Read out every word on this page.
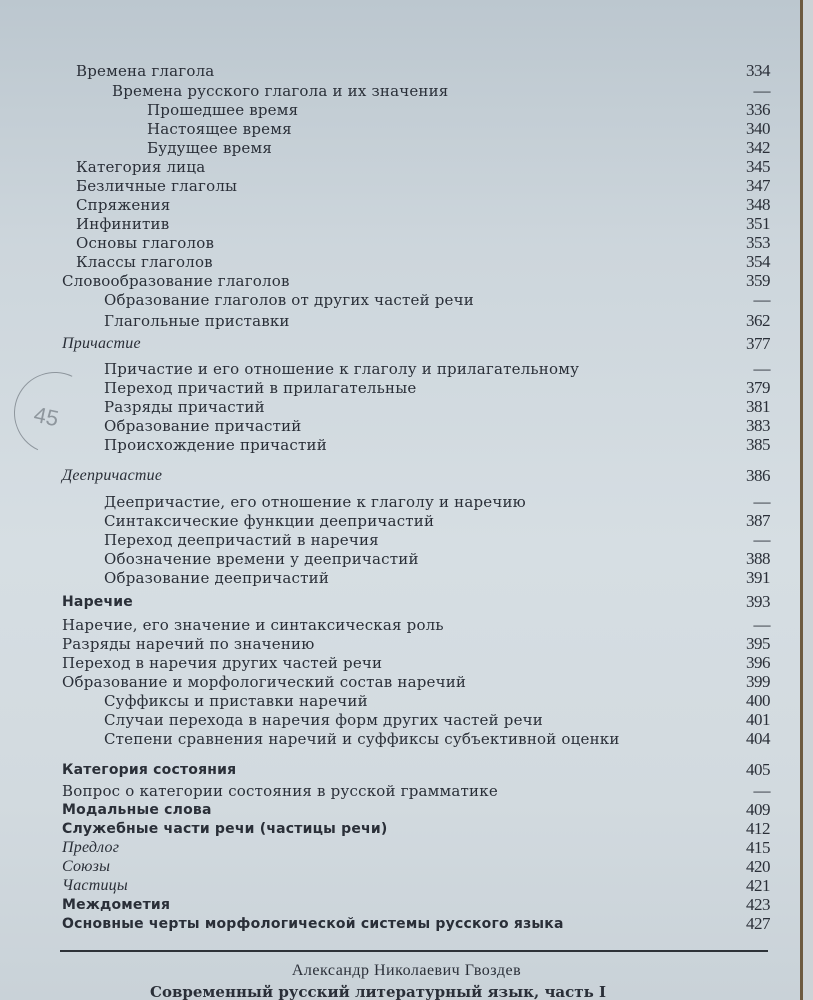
Времена глагола	334
Времена русского глагола и их значения	—
Прошедшее время	336
Настоящее время	340
Будущее время	342
Категория лица	345
Безличные глаголы	347
Спряжения	348
Инфинитив	351
Основы глаголов	353
Классы глаголов	354
Словообразование глаголов	359
Образование глаголов от других частей речи	—
Глагольные приставки	362
Причастие	377
Причастие и его отношение к глаголу и прилагательному	—
Переход причастий в прилагательные	379
Разряды причастий	381
Образование причастий	383
Происхождение причастий	385
Деепричастие	386
Деепричастие, его отношение к глаголу и наречию	—
Синтаксические функции деепричастий	387
Переход деепричастий в наречия	—
Обозначение времени у деепричастий	388
Образование деепричастий	391
Наречие	393
Наречие, его значение и синтаксическая роль	—
Разряды наречий по значению	395
Переход в наречия других частей речи	396
Образование и морфологический состав наречий	399
Суффиксы и приставки наречий	400
Случаи перехода в наречия форм других частей речи	401
Степени сравнения наречий и суффиксы субъективной оценки	404
Категория состояния	405
Вопрос о категории состояния в русской грамматике	—
Модальные слова	409
Служебные части речи (частицы речи)	412
Предлог	415
Союзы	420
Частицы	421
Междометия	423
Основные черты морфологической системы русского языка	427
45
Александр Николаевич Гвоздев
Современный русский литературный язык, часть I
